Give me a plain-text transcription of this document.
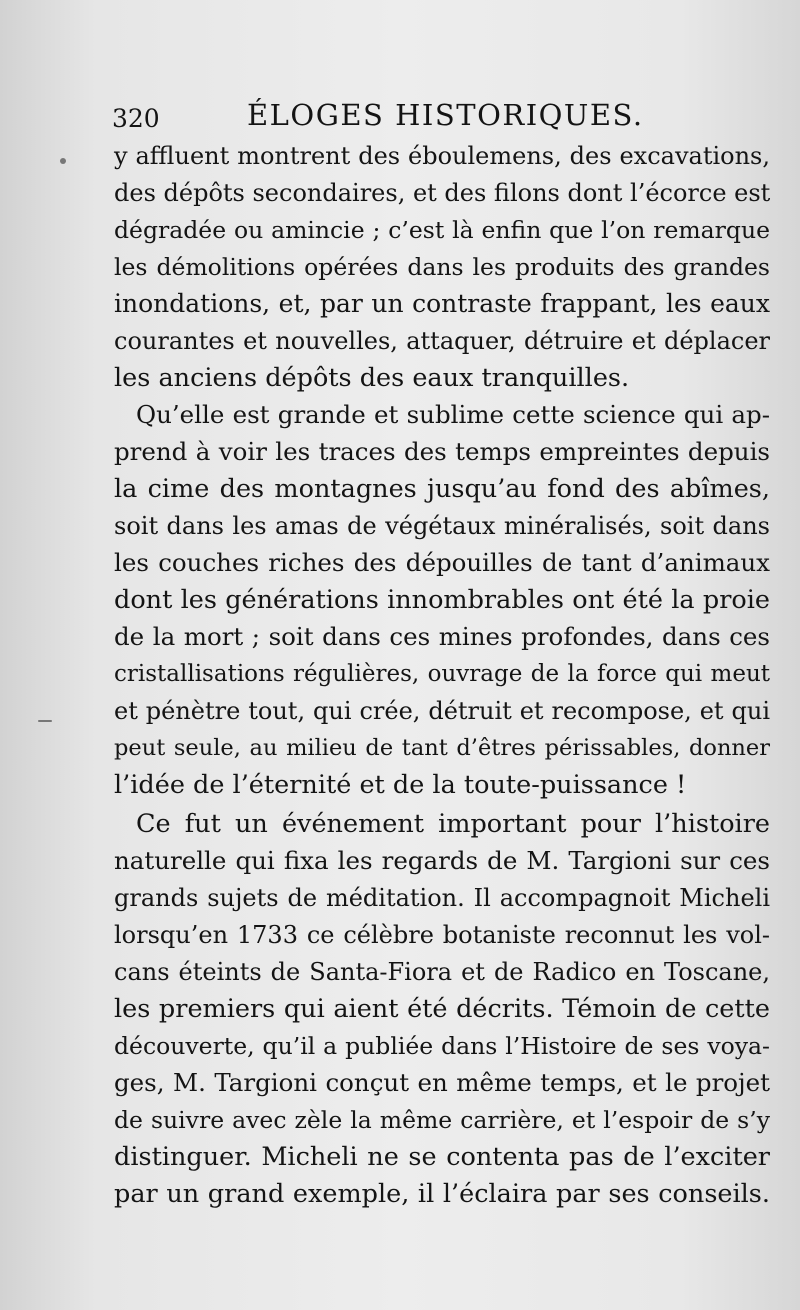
320	ÉLOGES HISTORIQUES.
y affluent montrent des éboulemens, des excavations,
des dépôts secondaires, et des filons dont l’écorce est
dégradée ou amincie ; c’est là enfin que l’on remarque
les démolitions opérées dans les produits des grandes
inondations, et, par un contraste frappant, les eaux
courantes et nouvelles, attaquer, détruire et déplacer
les anciens dépôts des eaux tranquilles.
Qu’elle est grande et sublime cette science qui ap-
prend à voir les traces des temps empreintes depuis
la cime des montagnes jusqu’au fond des abîmes,
soit dans les amas de végétaux minéralisés, soit dans
les couches riches des dépouilles de tant d’animaux
dont les générations innombrables ont été la proie
de la mort ; soit dans ces mines profondes, dans ces
cristallisations régulières, ouvrage de la force qui meut
et pénètre tout, qui crée, détruit et recompose, et qui
peut seule, au milieu de tant d’êtres périssables, donner
l’idée de l’éternité et de la toute-puissance !
Ce fut un événement important pour l’histoire
naturelle qui fixa les regards de M. Targioni sur ces
grands sujets de méditation. Il accompagnoit Micheli
lorsqu’en 1733 ce célèbre botaniste reconnut les vol-
cans éteints de Santa-Fiora et de Radico en Toscane,
les premiers qui aient été décrits. Témoin de cette
découverte, qu’il a publiée dans l’Histoire de ses voya-
ges, M. Targioni conçut en même temps, et le projet
de suivre avec zèle la même carrière, et l’espoir de s’y
distinguer. Micheli ne se contenta pas de l’exciter
par un grand exemple, il l’éclaira par ses conseils.
